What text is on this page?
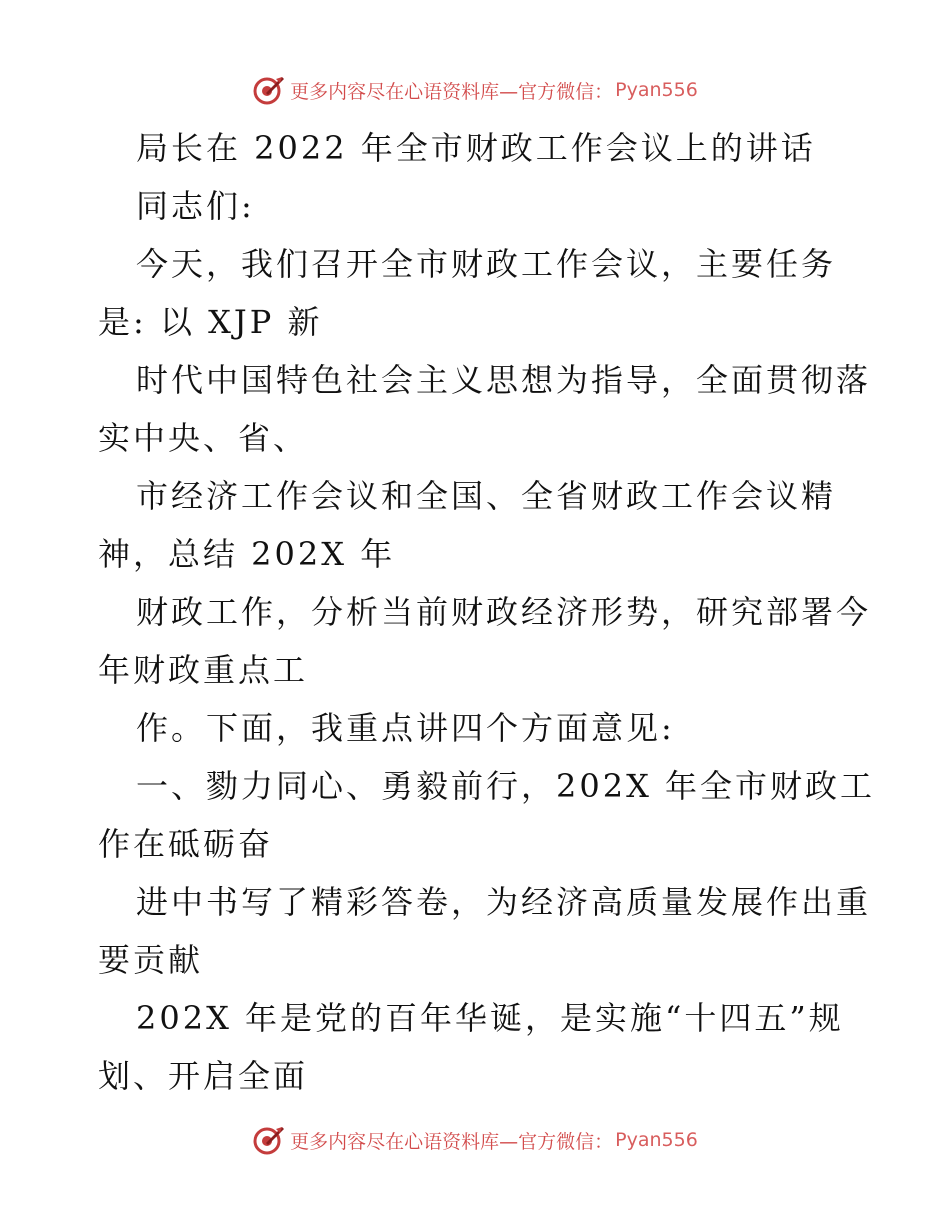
更多内容尽在心语资料库—官方微信： Pyan556
局长在 2022 年全市财政工作会议上的讲话
同志们:
今天，我们召开全市财政工作会议，主要任务
是: 以 XJP 新
时代中国特色社会主义思想为指导，全面贯彻落
实中央、省、
市经济工作会议和全国、全省财政工作会议精
神，总结 202X 年
财政工作，分析当前财政经济形势，研究部署今
年财政重点工
作。下面，我重点讲四个方面意见:
一、勠力同心、勇毅前行，202X 年全市财政工
作在砥砺奋
进中书写了精彩答卷，为经济高质量发展作出重
要贡献
202X 年是党的百年华诞，是实施“十四五”规
划、开启全面
更多内容尽在心语资料库—官方微信： Pyan556
